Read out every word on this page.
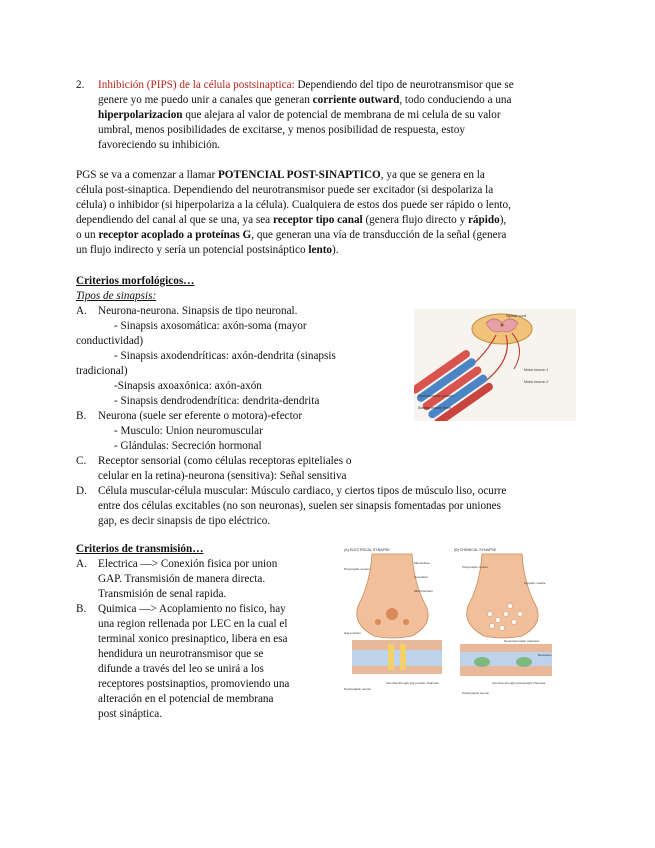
2. Inhibición (PIPS) de la célula postsinaptica: Dependiendo del tipo de neurotransmisor que se
genere yo me puedo unir a canales que generan corriente outward, todo conduciendo a una
hiperpolarizacion que alejara al valor de potencial de membrana de mi celula de su valor
umbral, menos posibilidades de excitarse, y menos posibilidad de respuesta, estoy
favoreciendo su inhibición.
PGS se va a comenzar a llamar POTENCIAL POST-SINAPTICO, ya que se genera en la
célula post-sinaptica. Dependiendo del neurotransmisor puede ser excitador (si despolariza la
célula) o inhibidor (si hiperpolariza a la célula). Cualquiera de estos dos puede ser rápido o lento,
dependiendo del canal al que se una, ya sea receptor tipo canal (genera flujo directo y rápido),
o un receptor acoplado a proteínas G, que generan una vía de transducción de la señal (genera
un flujo indirecto y sería un potencial postsináptico lento).
Criterios morfológicos…
Tipos de sinapsis:
A. Neurona-neurona. Sinapsis de tipo neuronal.
- Sinapsis axosomática: axón-soma (mayor
conductividad)
- Sinapsis axodendríticas: axón-dendrita (sinapsis
tradicional)
-Sinapsis axoaxónica: axón-axón
- Sinapsis dendrodendrítica: dendrita-dendrita
B. Neurona (suele ser eferente o motora)-efector
- Musculo: Union neuromuscular
- Glándulas: Secreción hormonal
C. Receptor sensorial (como células receptoras epiteliales o
celular en la retina)-neurona (sensitiva): Señal sensitiva
D. Célula muscular-célula muscular: Músculo cardiaco, y ciertos tipos de músculo liso, ocurre
entre dos células excitables (no son neuronas), suelen ser sinapsis fomentadas por uniones
gap, es decir sinapsis de tipo eléctrico.
Spinal cord
Motor neuron 1
Motor neuron 2
Neuromuscular junction
Skeletal muscle fibers
Criterios de transmisión…
A. Electrica —> Conexión fisica por union
GAP. Transmisión de manera directa.
Transmisión de senal rapida.
B. Quimica —> Acoplamiento no fisico, hay
una region rellenada por LEC en la cual el
terminal xonico presinaptico, libera en esa
hendidura un neurotransmisor que se
difunde a través del leo se unirá a los
receptores postsinaptios, promoviendo una
alteración en el potencial de membrana
post sináptica.
(A) ELECTRICAL SYNAPSE	(B) CHEMICAL SYNAPSE
Presynaptic neuron
Microtubule
Cytoplasm
Mitochondrion
Gap junction
Postsynaptic neuron
Ions flow through gap junction channels
Presynaptic neuron
Synaptic vesicle
Neurotransmitter released
Ions flow through postsynaptic channels
Receptors
Postsynaptic neuron
